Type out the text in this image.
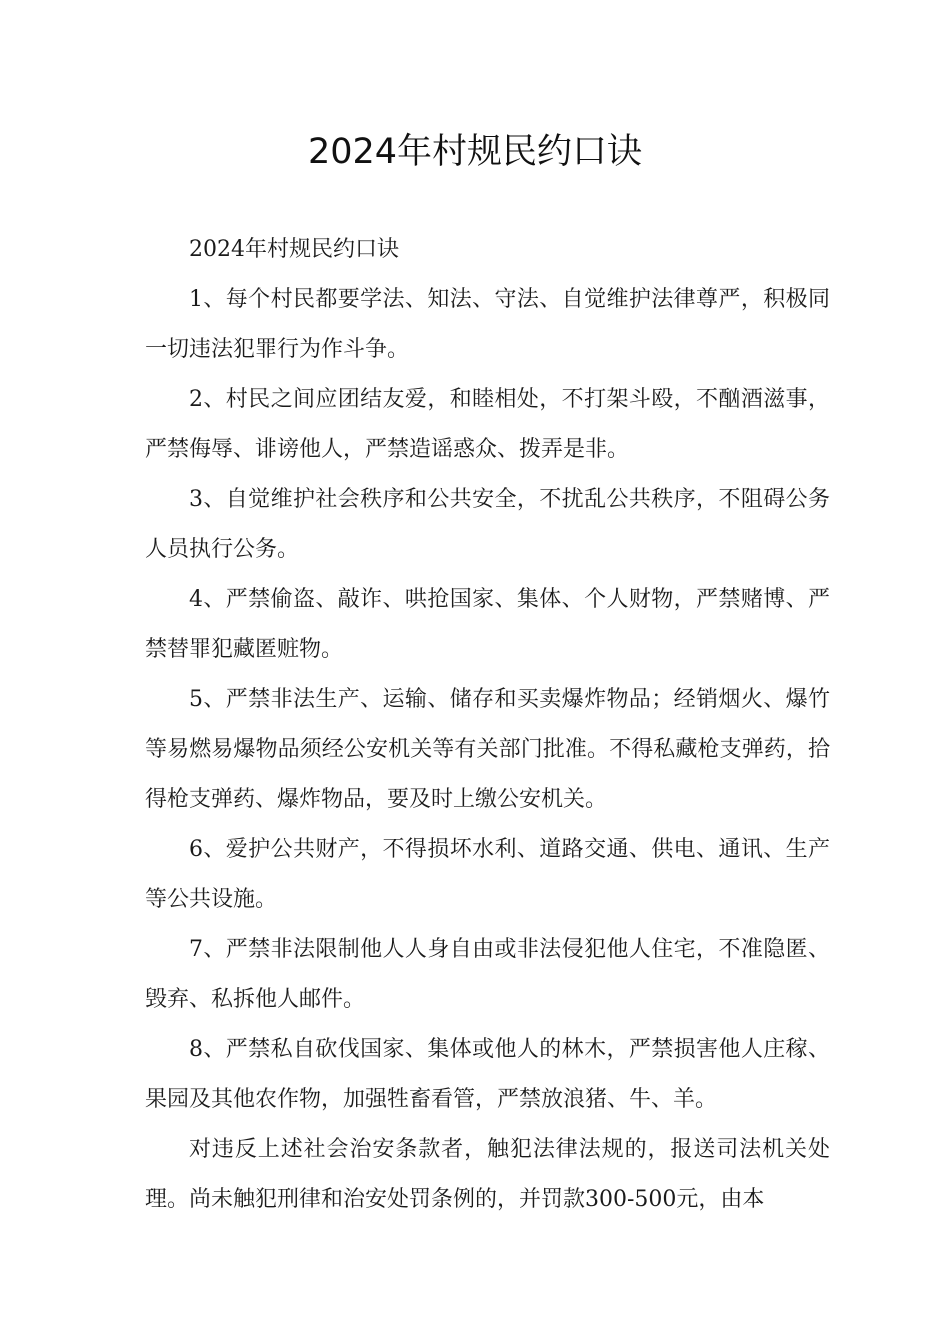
2024年村规民约口诀

2024年村规民约口诀

1、每个村民都要学法、知法、守法、自觉维护法律尊严，积极同一切违法犯罪行为作斗争。

2、村民之间应团结友爱，和睦相处，不打架斗殴，不酗酒滋事，严禁侮辱、诽谤他人，严禁造谣惑众、拨弄是非。

3、自觉维护社会秩序和公共安全，不扰乱公共秩序，不阻碍公务人员执行公务。

4、严禁偷盗、敲诈、哄抢国家、集体、个人财物，严禁赌博、严禁替罪犯藏匿赃物。

5、严禁非法生产、运输、储存和买卖爆炸物品；经销烟火、爆竹等易燃易爆物品须经公安机关等有关部门批准。不得私藏枪支弹药，拾得枪支弹药、爆炸物品，要及时上缴公安机关。

6、爱护公共财产，不得损坏水利、道路交通、供电、通讯、生产等公共设施。

7、严禁非法限制他人人身自由或非法侵犯他人住宅，不准隐匿、毁弃、私拆他人邮件。

8、严禁私自砍伐国家、集体或他人的林木，严禁损害他人庄稼、果园及其他农作物，加强牲畜看管，严禁放浪猪、牛、羊。

对违反上述社会治安条款者，触犯法律法规的，报送司法机关处理。尚未触犯刑律和治安处罚条例的，并罚款300-500元，由本
